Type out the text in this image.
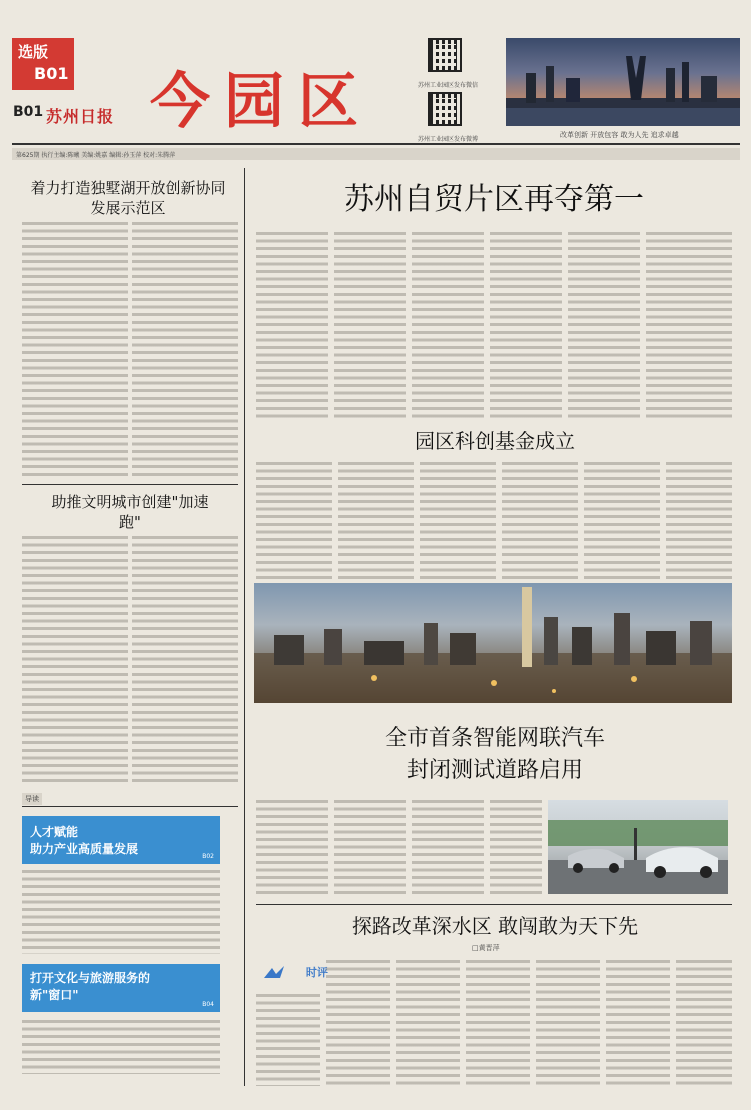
选版
B01
B01 苏州日报 今园区	苏州工业园区发布微信
苏州工业园区发布微博
改革创新 开放包容 敢为人先 追求卓越
第625期 执行主编:陈曦 美编:姚嘉 编辑:孙玉萍 校对:朱腾萍
着力打造独墅湖开放创新协同发展示范区
助推文明城市创建"加速跑"
导读
人才赋能
助力产业高质量发展
B02
打开文化与旅游服务的
新"窗口"
B04
苏州自贸片区再夺第一
园区科创基金成立
全市首条智能网联汽车
封闭测试道路启用
探路改革深水区 敢闯敢为天下先
□黄晋萍
时评
